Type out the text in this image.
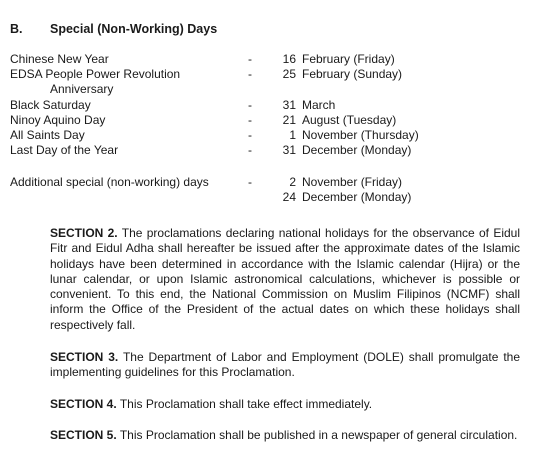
B. Special (Non-Working) Days
Chinese New Year	-	16 February (Friday)
EDSA People Power Revolution	-	25 February (Sunday)
Anniversary
Black Saturday	-	31 March
Ninoy Aquino Day	-	21 August (Tuesday)
All Saints Day	-	1 November (Thursday)
Last Day of the Year	-	31 December (Monday)
Additional special (non-working) days	-	2 November (Friday)
24 December (Monday)
SECTION 2. The proclamations declaring national holidays for the observance of Eidul Fitr and Eidul Adha shall hereafter be issued after the approximate dates of the Islamic holidays have been determined in accordance with the Islamic calendar (Hijra) or the lunar calendar, or upon Islamic astronomical calculations, whichever is possible or convenient. To this end, the National Commission on Muslim Filipinos (NCMF) shall inform the Office of the President of the actual dates on which these holidays shall respectively fall.
SECTION 3. The Department of Labor and Employment (DOLE) shall promulgate the implementing guidelines for this Proclamation.
SECTION 4. This Proclamation shall take effect immediately.
SECTION 5. This Proclamation shall be published in a newspaper of general circulation.
